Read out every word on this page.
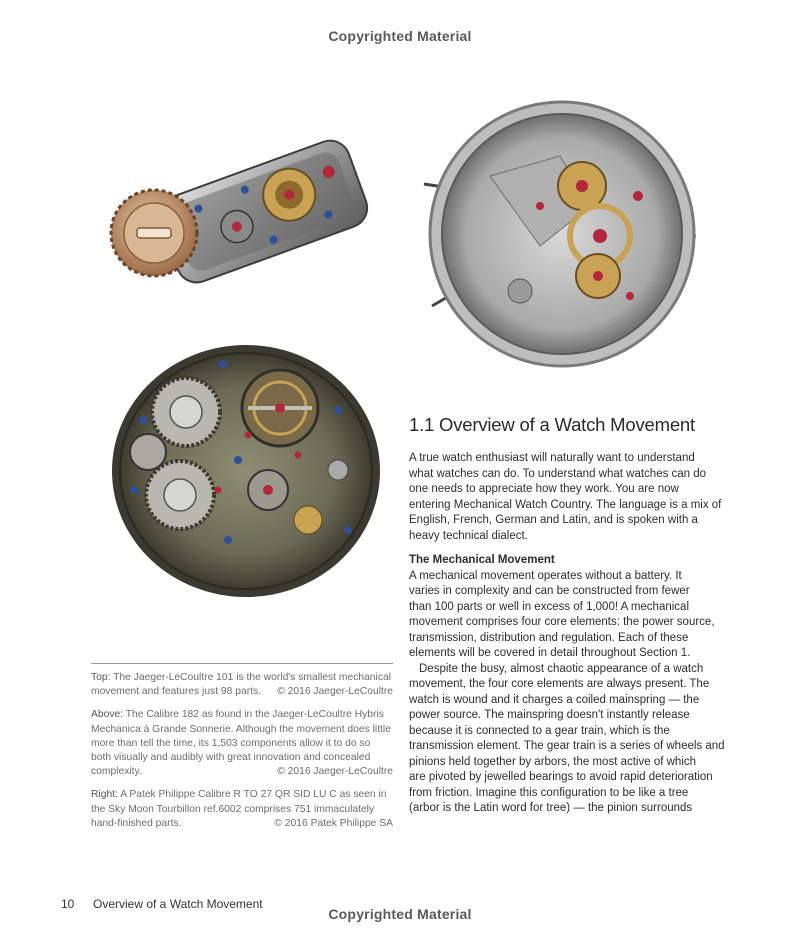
Copyrighted Material
Top: The Jaeger-LeCoultre 101 is the world's smallest mechanical
movement and features just 98 parts. © 2016 Jaeger-LeCoultre
Above: The Calibre 182 as found in the Jaeger-LeCoultre Hybris
Mechanica à Grande Sonnerie. Although the movement does little
more than tell the time, its 1,503 components allow it to do so
both visually and audibly with great innovation and concealed
complexity.	© 2016 Jaeger-LeCoultre
Right: A Patek Philippe Calibre R TO 27 QR SID LU C as seen in
the Sky Moon Tourbillon ref.6002 comprises 751 immaculately
hand-finished parts.	© 2016 Patek Philippe SA
1.1 Overview of a Watch Movement
A true watch enthusiast will naturally want to understand
what watches can do. To understand what watches can do
one needs to appreciate how they work. You are now
entering Mechanical Watch Country. The language is a mix of
English, French, German and Latin, and is spoken with a
heavy technical dialect.
The Mechanical Movement
A mechanical movement operates without a battery. It
varies in complexity and can be constructed from fewer
than 100 parts or well in excess of 1,000! A mechanical
movement comprises four core elements: the power source,
transmission, distribution and regulation. Each of these
elements will be covered in detail throughout Section 1.
Despite the busy, almost chaotic appearance of a watch
movement, the four core elements are always present. The
watch is wound and it charges a coiled mainspring — the
power source. The mainspring doesn't instantly release
because it is connected to a gear train, which is the
transmission element. The gear train is a series of wheels and
pinions held together by arbors, the most active of which
are pivoted by jewelled bearings to avoid rapid deterioration
from friction. Imagine this configuration to be like a tree
(arbor is the Latin word for tree) — the pinion surrounds
10 Overview of a Watch Movement
Copyrighted Material
